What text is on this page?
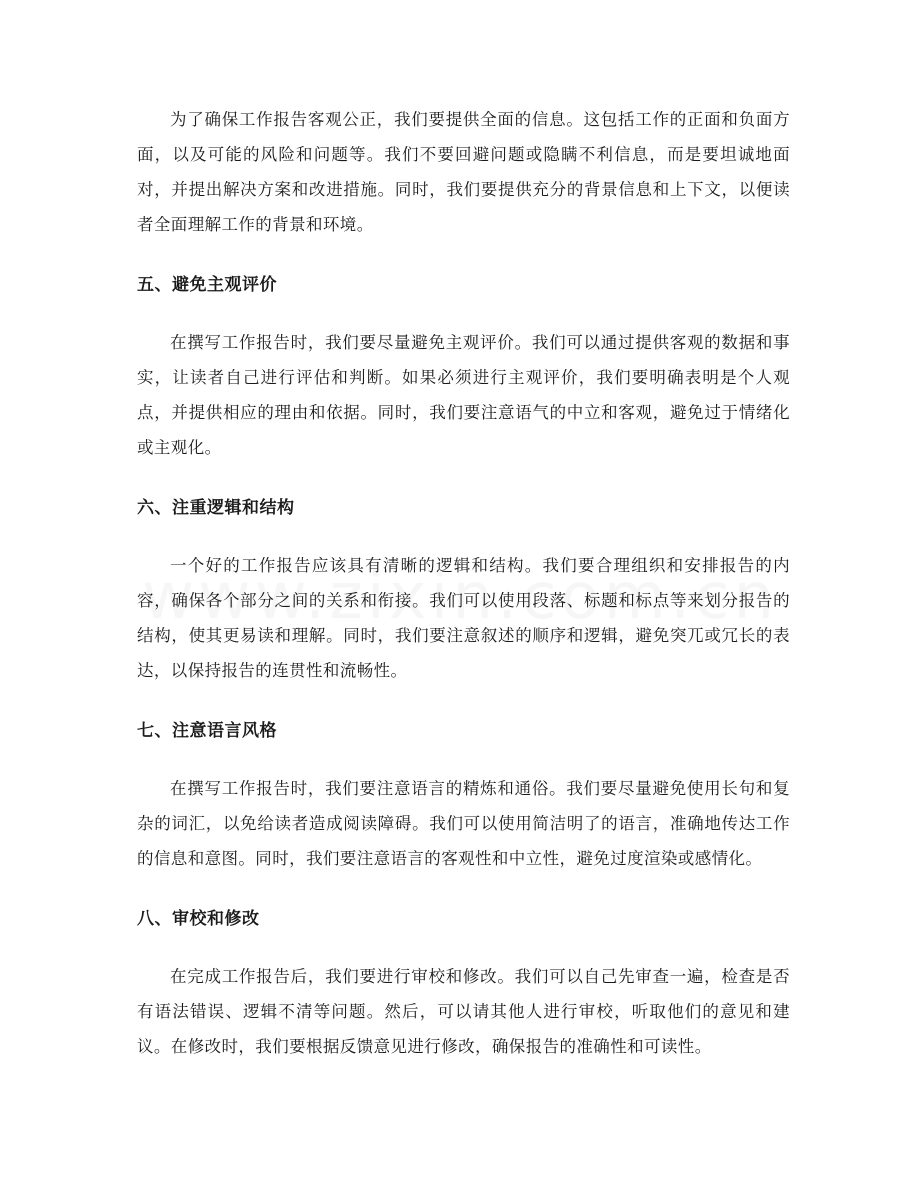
为了确保工作报告客观公正，我们要提供全面的信息。这包括工作的正面和负面方面，以及可能的风险和问题等。我们不要回避问题或隐瞒不利信息，而是要坦诚地面对，并提出解决方案和改进措施。同时，我们要提供充分的背景信息和上下文，以便读者全面理解工作的背景和环境。

五、避免主观评价

在撰写工作报告时，我们要尽量避免主观评价。我们可以通过提供客观的数据和事实，让读者自己进行评估和判断。如果必须进行主观评价，我们要明确表明是个人观点，并提供相应的理由和依据。同时，我们要注意语气的中立和客观，避免过于情绪化或主观化。

六、注重逻辑和结构

一个好的工作报告应该具有清晰的逻辑和结构。我们要合理组织和安排报告的内容，确保各个部分之间的关系和衔接。我们可以使用段落、标题和标点等来划分报告的结构，使其更易读和理解。同时，我们要注意叙述的顺序和逻辑，避免突兀或冗长的表达，以保持报告的连贯性和流畅性。

七、注意语言风格

在撰写工作报告时，我们要注意语言的精炼和通俗。我们要尽量避免使用长句和复杂的词汇，以免给读者造成阅读障碍。我们可以使用简洁明了的语言，准确地传达工作的信息和意图。同时，我们要注意语言的客观性和中立性，避免过度渲染或感情化。

八、审校和修改

在完成工作报告后，我们要进行审校和修改。我们可以自己先审查一遍，检查是否有语法错误、逻辑不清等问题。然后，可以请其他人进行审校，听取他们的意见和建议。在修改时，我们要根据反馈意见进行修改，确保报告的准确性和可读性。
